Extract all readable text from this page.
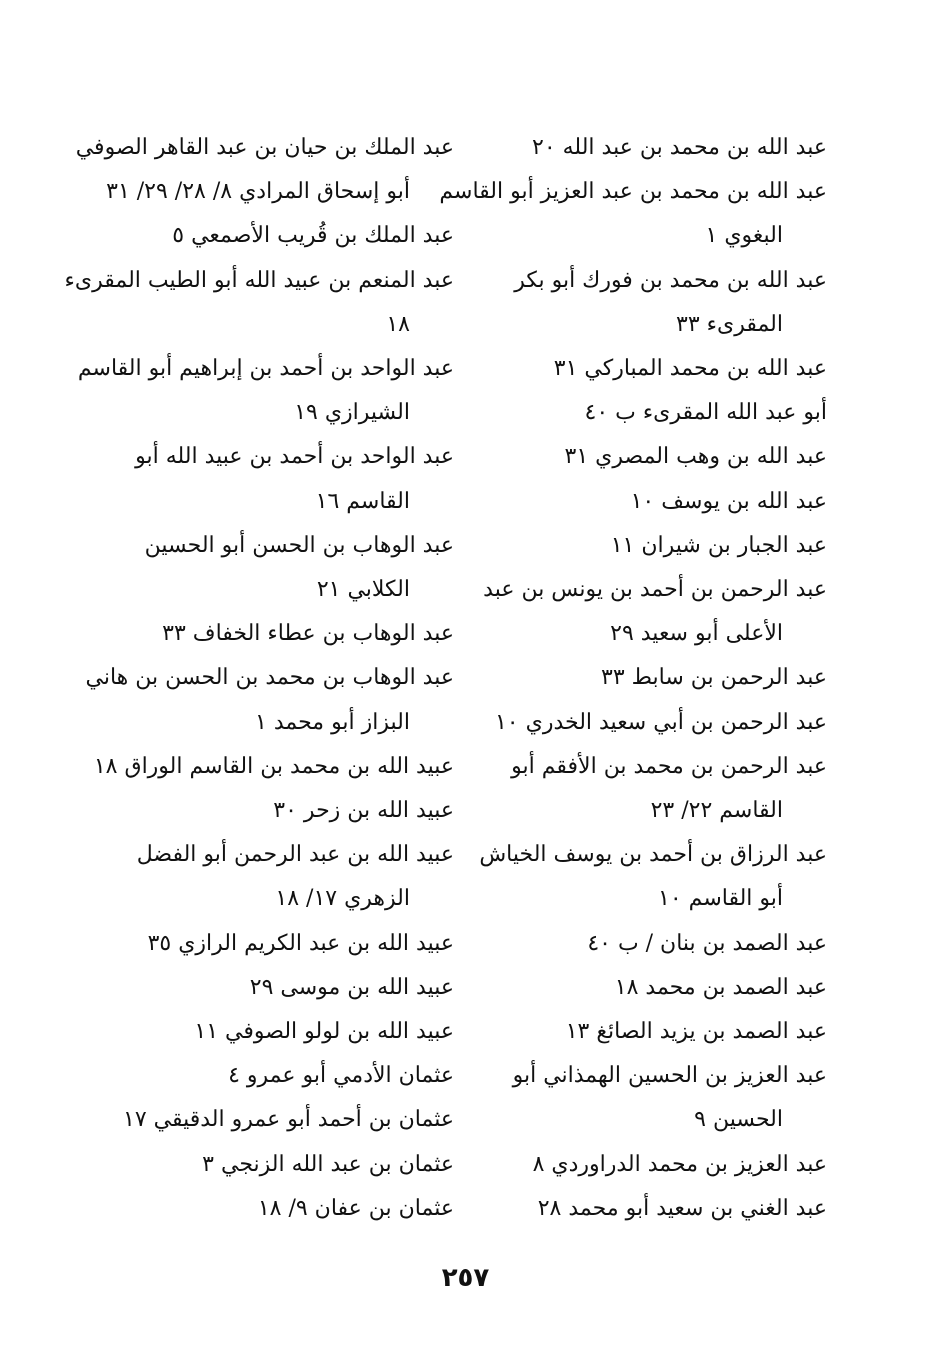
عبد الله بن محمد بن عبد الله ٢٠
عبد الله بن محمد بن عبد العزيز أبو القاسم
البغوي ١
عبد الله بن محمد بن فورك أبو بكر
المقرىء ٣٣
عبد الله بن محمد المباركي ٣١
أبو عبد الله المقرىء ب ٤٠
عبد الله بن وهب المصري ٣١
عبد الله بن يوسف ١٠
عبد الجبار بن شيران ١١
عبد الرحمن بن أحمد بن يونس بن عبد
الأعلى أبو سعيد ٢٩
عبد الرحمن بن سابط ٣٣
عبد الرحمن بن أبي سعيد الخدري ١٠
عبد الرحمن بن محمد بن الأفقم أبو
القاسم ٢٢/ ٢٣
عبد الرزاق بن أحمد بن يوسف الخياش
أبو القاسم ١٠
عبد الصمد بن بنان / ب ٤٠
عبد الصمد بن محمد ١٨
عبد الصمد بن يزيد الصائغ ١٣
عبد العزيز بن الحسين الهمذاني أبو
الحسين ٩
عبد العزيز بن محمد الدراوردي ٨
عبد الغني بن سعيد أبو محمد ٢٨
عبد الملك بن حيان بن عبد القاهر الصوفي
أبو إسحاق المرادي ٨/ ٢٨/ ٢٩/ ٣١
عبد الملك بن قُريب الأصمعي ٥
عبد المنعم بن عبيد الله أبو الطيب المقرىء
١٨
عبد الواحد بن أحمد بن إبراهيم أبو القاسم
الشيرازي ١٩
عبد الواحد بن أحمد بن عبيد الله أبو
القاسم ١٦
عبد الوهاب بن الحسن أبو الحسين
الكلابي ٢١
عبد الوهاب بن عطاء الخفاف ٣٣
عبد الوهاب بن محمد بن الحسن بن هاني
البزاز أبو محمد ١
عبيد الله بن محمد بن القاسم الوراق ١٨
عبيد الله بن زحر ٣٠
عبيد الله بن عبد الرحمن أبو الفضل
الزهري ١٧/ ١٨
عبيد الله بن عبد الكريم الرازي ٣٥
عبيد الله بن موسى ٢٩
عبيد الله بن لولو الصوفي ١١
عثمان الأدمي أبو عمرو ٤
عثمان بن أحمد أبو عمرو الدقيقي ١٧
عثمان بن عبد الله الزنجي ٣
عثمان بن عفان ٩/ ١٨
٢٥٧
